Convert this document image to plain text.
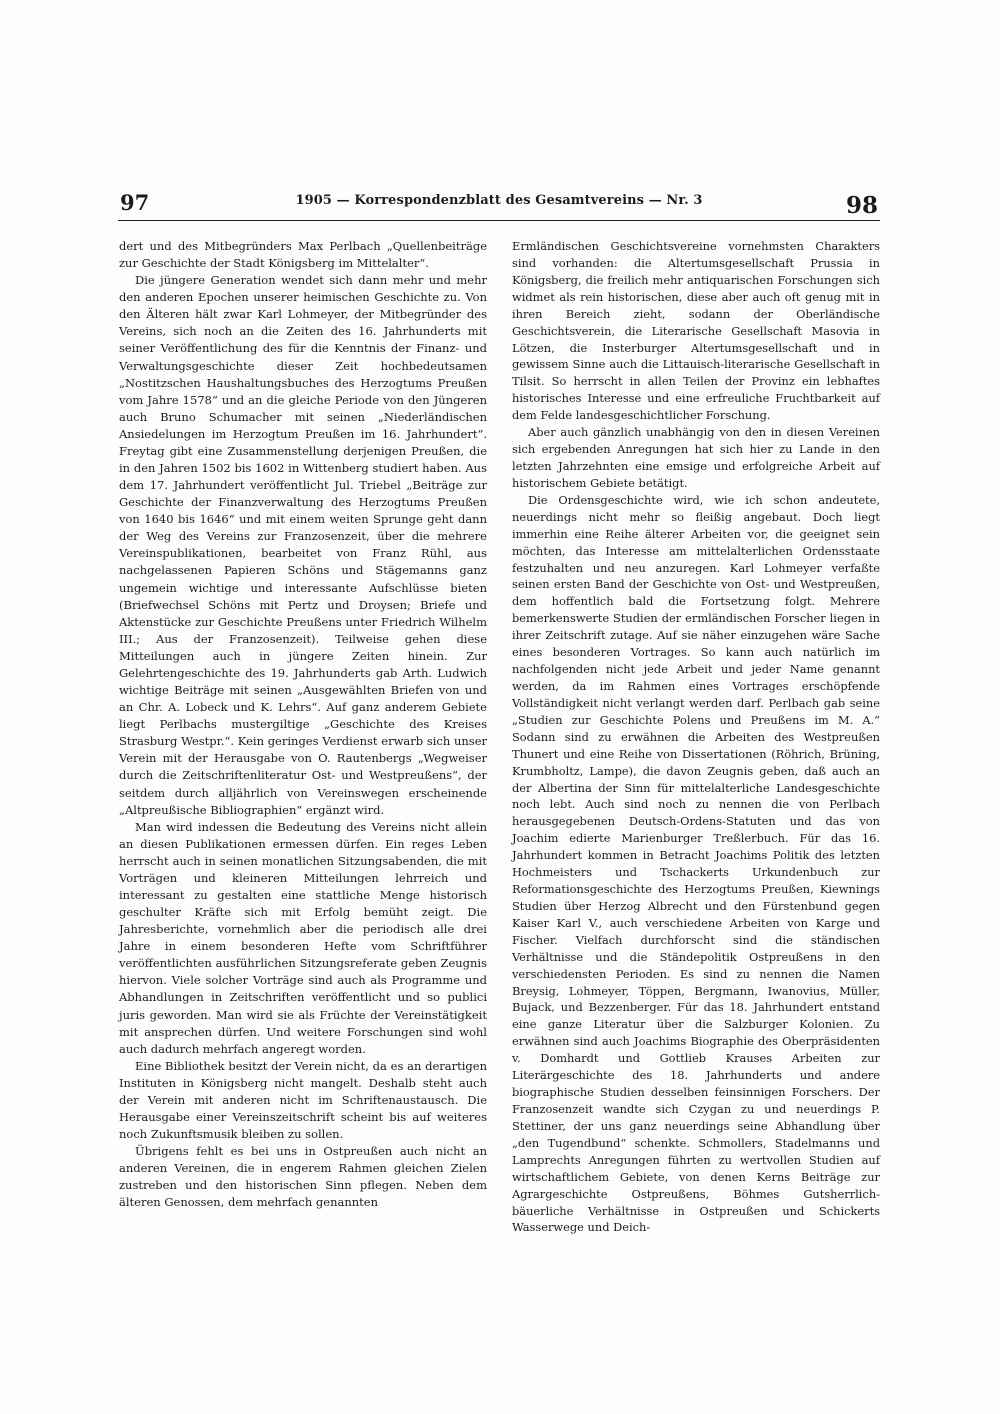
97	1905 — Korrespondenzblatt des Gesamtvereins — Nr. 3	98

dert und des Mitbegründers Max Perlbach „Quellenbeiträge zur Geschichte der Stadt Königsberg im Mittelalter“.

Die jüngere Generation wendet sich dann mehr und mehr den anderen Epochen unserer heimischen Geschichte zu. Von den Älteren hält zwar Karl Lohmeyer, der Mitbegründer des Vereins, sich noch an die Zeiten des 16. Jahrhunderts mit seiner Veröffentlichung des für die Kenntnis der Finanz- und Verwaltungsgeschichte dieser Zeit hochbedeutsamen „Nostitzschen Haushaltungsbuches des Herzogtums Preußen vom Jahre 1578“ und an die gleiche Periode von den Jüngeren auch Bruno Schumacher mit seinen „Niederländischen Ansiedelungen im Herzogtum Preußen im 16. Jahrhundert“. Freytag gibt eine Zusammenstellung derjenigen Preußen, die in den Jahren 1502 bis 1602 in Wittenberg studiert haben. Aus dem 17. Jahrhundert veröffentlicht Jul. Triebel „Beiträge zur Geschichte der Finanzverwaltung des Herzogtums Preußen von 1640 bis 1646“ und mit einem weiten Sprunge geht dann der Weg des Vereins zur Franzosenzeit, über die mehrere Vereinspublikationen, bearbeitet von Franz Rühl, aus nachgelassenen Papieren Schöns und Stägemanns ganz ungemein wichtige und interessante Aufschlüsse bieten (Briefwechsel Schöns mit Pertz und Droysen; Briefe und Aktenstücke zur Geschichte Preußens unter Friedrich Wilhelm III.; Aus der Franzosenzeit). Teilweise gehen diese Mitteilungen auch in jüngere Zeiten hinein. Zur Gelehrtengeschichte des 19. Jahrhunderts gab Arth. Ludwich wichtige Beiträge mit seinen „Ausgewählten Briefen von und an Chr. A. Lobeck und K. Lehrs“. Auf ganz anderem Gebiete liegt Perlbachs mustergiltige „Geschichte des Kreises Strasburg Westpr.“. Kein geringes Verdienst erwarb sich unser Verein mit der Herausgabe von O. Rautenbergs „Wegweiser durch die Zeitschriftenliteratur Ost- und Westpreußens“, der seitdem durch alljährlich von Vereinswegen erscheinende „Altpreußische Bibliographien“ ergänzt wird.

Man wird indessen die Bedeutung des Vereins nicht allein an diesen Publikationen ermessen dürfen. Ein reges Leben herrscht auch in seinen monatlichen Sitzungsabenden, die mit Vorträgen und kleineren Mitteilungen lehrreich und interessant zu gestalten eine stattliche Menge historisch geschulter Kräfte sich mit Erfolg bemüht zeigt. Die Jahresberichte, vornehmlich aber die periodisch alle drei Jahre in einem besonderen Hefte vom Schriftführer veröffentlichten ausführlichen Sitzungsreferate geben Zeugnis hiervon. Viele solcher Vorträge sind auch als Programme und Abhandlungen in Zeitschriften veröffentlicht und so publici juris geworden. Man wird sie als Früchte der Vereinstätigkeit mit ansprechen dürfen. Und weitere Forschungen sind wohl auch dadurch mehrfach angeregt worden.

Eine Bibliothek besitzt der Verein nicht, da es an derartigen Instituten in Königsberg nicht mangelt. Deshalb steht auch der Verein mit anderen nicht im Schriftenaustausch. Die Herausgabe einer Vereinszeitschrift scheint bis auf weiteres noch Zukunftsmusik bleiben zu sollen.

Übrigens fehlt es bei uns in Ostpreußen auch nicht an anderen Vereinen, die in engerem Rahmen gleichen Zielen zustreben und den historischen Sinn pflegen. Neben dem älteren Genossen, dem mehrfach genannten

Ermländischen Geschichtsvereine vornehmsten Charakters sind vorhanden: die Altertumsgesellschaft Prussia in Königsberg, die freilich mehr antiquarischen Forschungen sich widmet als rein historischen, diese aber auch oft genug mit in ihren Bereich zieht, sodann der Oberländische Geschichtsverein, die Literarische Gesellschaft Masovia in Lötzen, die Insterburger Altertumsgesellschaft und in gewissem Sinne auch die Littauisch-literarische Gesellschaft in Tilsit. So herrscht in allen Teilen der Provinz ein lebhaftes historisches Interesse und eine erfreuliche Fruchtbarkeit auf dem Felde landesgeschichtlicher Forschung.

Aber auch gänzlich unabhängig von den in diesen Vereinen sich ergebenden Anregungen hat sich hier zu Lande in den letzten Jahrzehnten eine emsige und erfolgreiche Arbeit auf historischem Gebiete betätigt.

Die Ordensgeschichte wird, wie ich schon andeutete, neuerdings nicht mehr so fleißig angebaut. Doch liegt immerhin eine Reihe älterer Arbeiten vor, die geeignet sein möchten, das Interesse am mittelalterlichen Ordensstaate festzuhalten und neu anzuregen. Karl Lohmeyer verfaßte seinen ersten Band der Geschichte von Ost- und Westpreußen, dem hoffentlich bald die Fortsetzung folgt. Mehrere bemerkenswerte Studien der ermländischen Forscher liegen in ihrer Zeitschrift zutage. Auf sie näher einzugehen wäre Sache eines besonderen Vortrages. So kann auch natürlich im nachfolgenden nicht jede Arbeit und jeder Name genannt werden, da im Rahmen eines Vortrages erschöpfende Vollständigkeit nicht verlangt werden darf. Perlbach gab seine „Studien zur Geschichte Polens und Preußens im M. A.“ Sodann sind zu erwähnen die Arbeiten des Westpreußen Thunert und eine Reihe von Dissertationen (Röhrich, Brüning, Krumbholtz, Lampe), die davon Zeugnis geben, daß auch an der Albertina der Sinn für mittelalterliche Landesgeschichte noch lebt. Auch sind noch zu nennen die von Perlbach herausgegebenen Deutsch-Ordens-Statuten und das von Joachim edierte Marienburger Treßlerbuch. Für das 16. Jahrhundert kommen in Betracht Joachims Politik des letzten Hochmeisters und Tschackerts Urkundenbuch zur Reformationsgeschichte des Herzogtums Preußen, Kiewnings Studien über Herzog Albrecht und den Fürstenbund gegen Kaiser Karl V., auch verschiedene Arbeiten von Karge und Fischer. Vielfach durchforscht sind die ständischen Verhältnisse und die Ständepolitik Ostpreußens in den verschiedensten Perioden. Es sind zu nennen die Namen Breysig, Lohmeyer, Töppen, Bergmann, Iwanovius, Müller, Bujack, und Bezzenberger. Für das 18. Jahrhundert entstand eine ganze Literatur über die Salzburger Kolonien. Zu erwähnen sind auch Joachims Biographie des Oberpräsidenten v. Domhardt und Gottlieb Krauses Arbeiten zur Literärgeschichte des 18. Jahrhunderts und andere biographische Studien desselben feinsinnigen Forschers. Der Franzosenzeit wandte sich Czygan zu und neuerdings P. Stettiner, der uns ganz neuerdings seine Abhandlung über „den Tugendbund“ schenkte. Schmollers, Stadelmanns und Lamprechts Anregungen führten zu wertvollen Studien auf wirtschaftlichem Gebiete, von denen Kerns Beiträge zur Agrargeschichte Ostpreußens, Böhmes Gutsherrlich-bäuerliche Verhältnisse in Ostpreußen und Schickerts Wasserwege und Deich-
